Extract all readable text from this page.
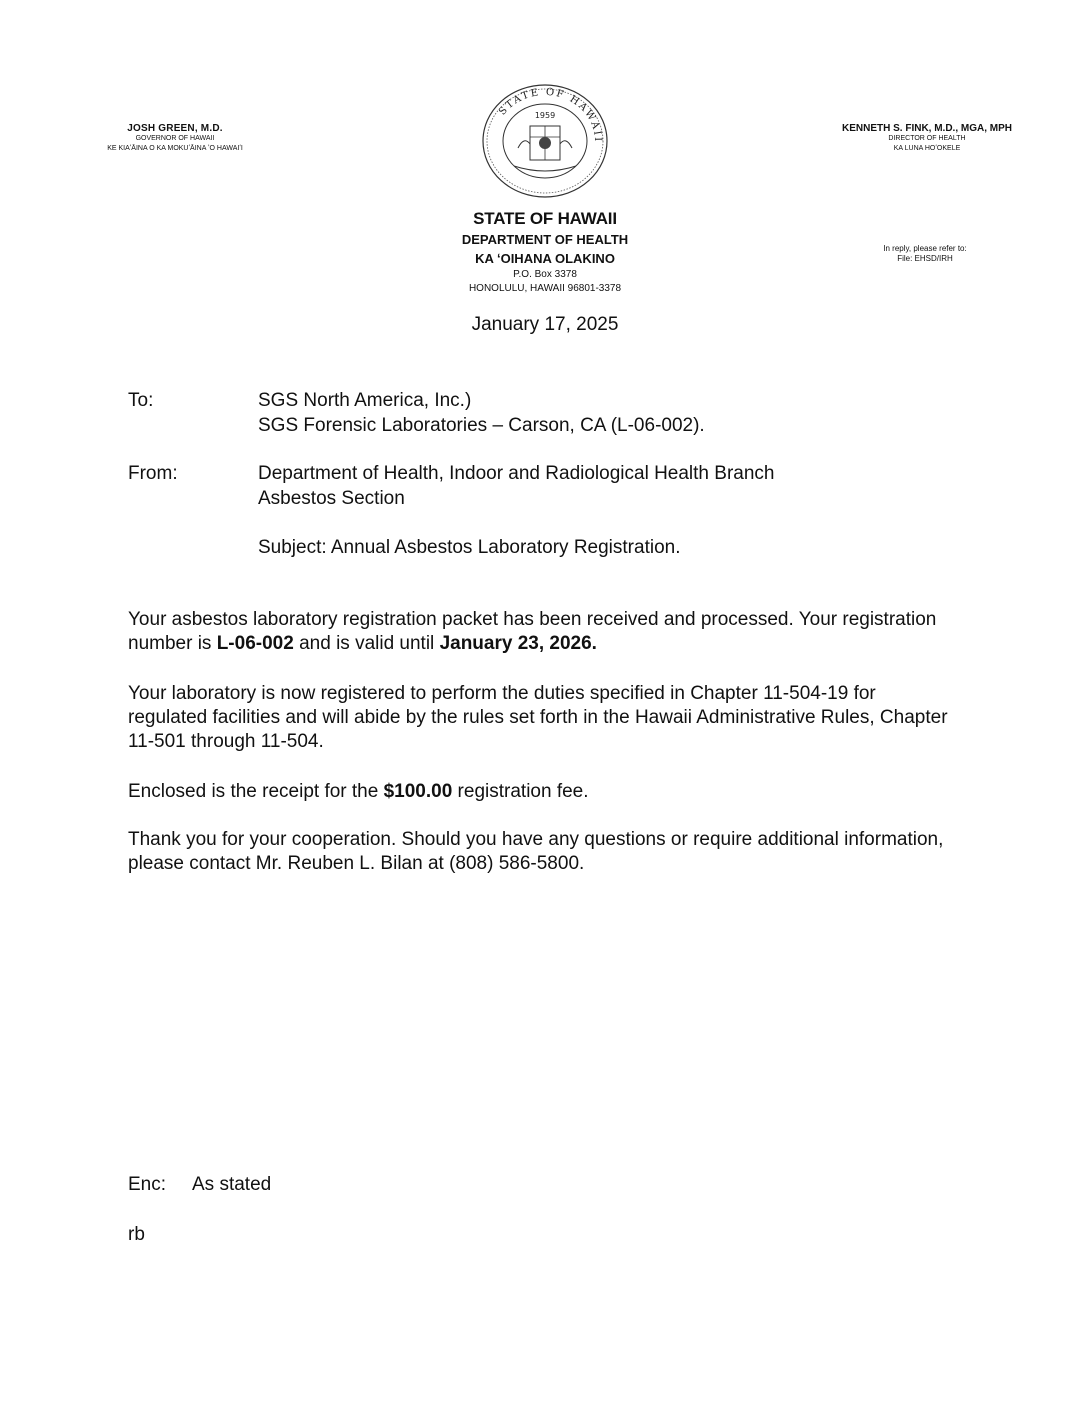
JOSH GREEN, M.D.
GOVERNOR OF HAWAII
KE KIAʻĀINA O KA MOKUʻĀINA ʻO HAWAIʻI
STATE OF HAWAII
1959
KENNETH S. FINK, M.D., MGA, MPH
DIRECTOR OF HEALTH
KA LUNA HOʻOKELE
In reply, please refer to:
File: EHSD/IRH
STATE OF HAWAII
DEPARTMENT OF HEALTH
KA ʻOIHANA OLAKINO
P.O. Box 3378
HONOLULU, HAWAII 96801-3378
January 17, 2025
To:	SGS North America, Inc.)
SGS Forensic Laboratories – Carson, CA (L-06-002).
From:	Department of Health, Indoor and Radiological Health Branch
Asbestos Section
Subject: Annual Asbestos Laboratory Registration.
Your asbestos laboratory registration packet has been received and processed. Your registration number is L-06-002 and is valid until January 23, 2026.
Your laboratory is now registered to perform the duties specified in Chapter 11-504-19 for regulated facilities and will abide by the rules set forth in the Hawaii Administrative Rules, Chapter 11-501 through 11-504.
Enclosed is the receipt for the $100.00 registration fee.
Thank you for your cooperation. Should you have any questions or require additional information, please contact Mr. Reuben L. Bilan at (808) 586-5800.
Enc: As stated
rb
